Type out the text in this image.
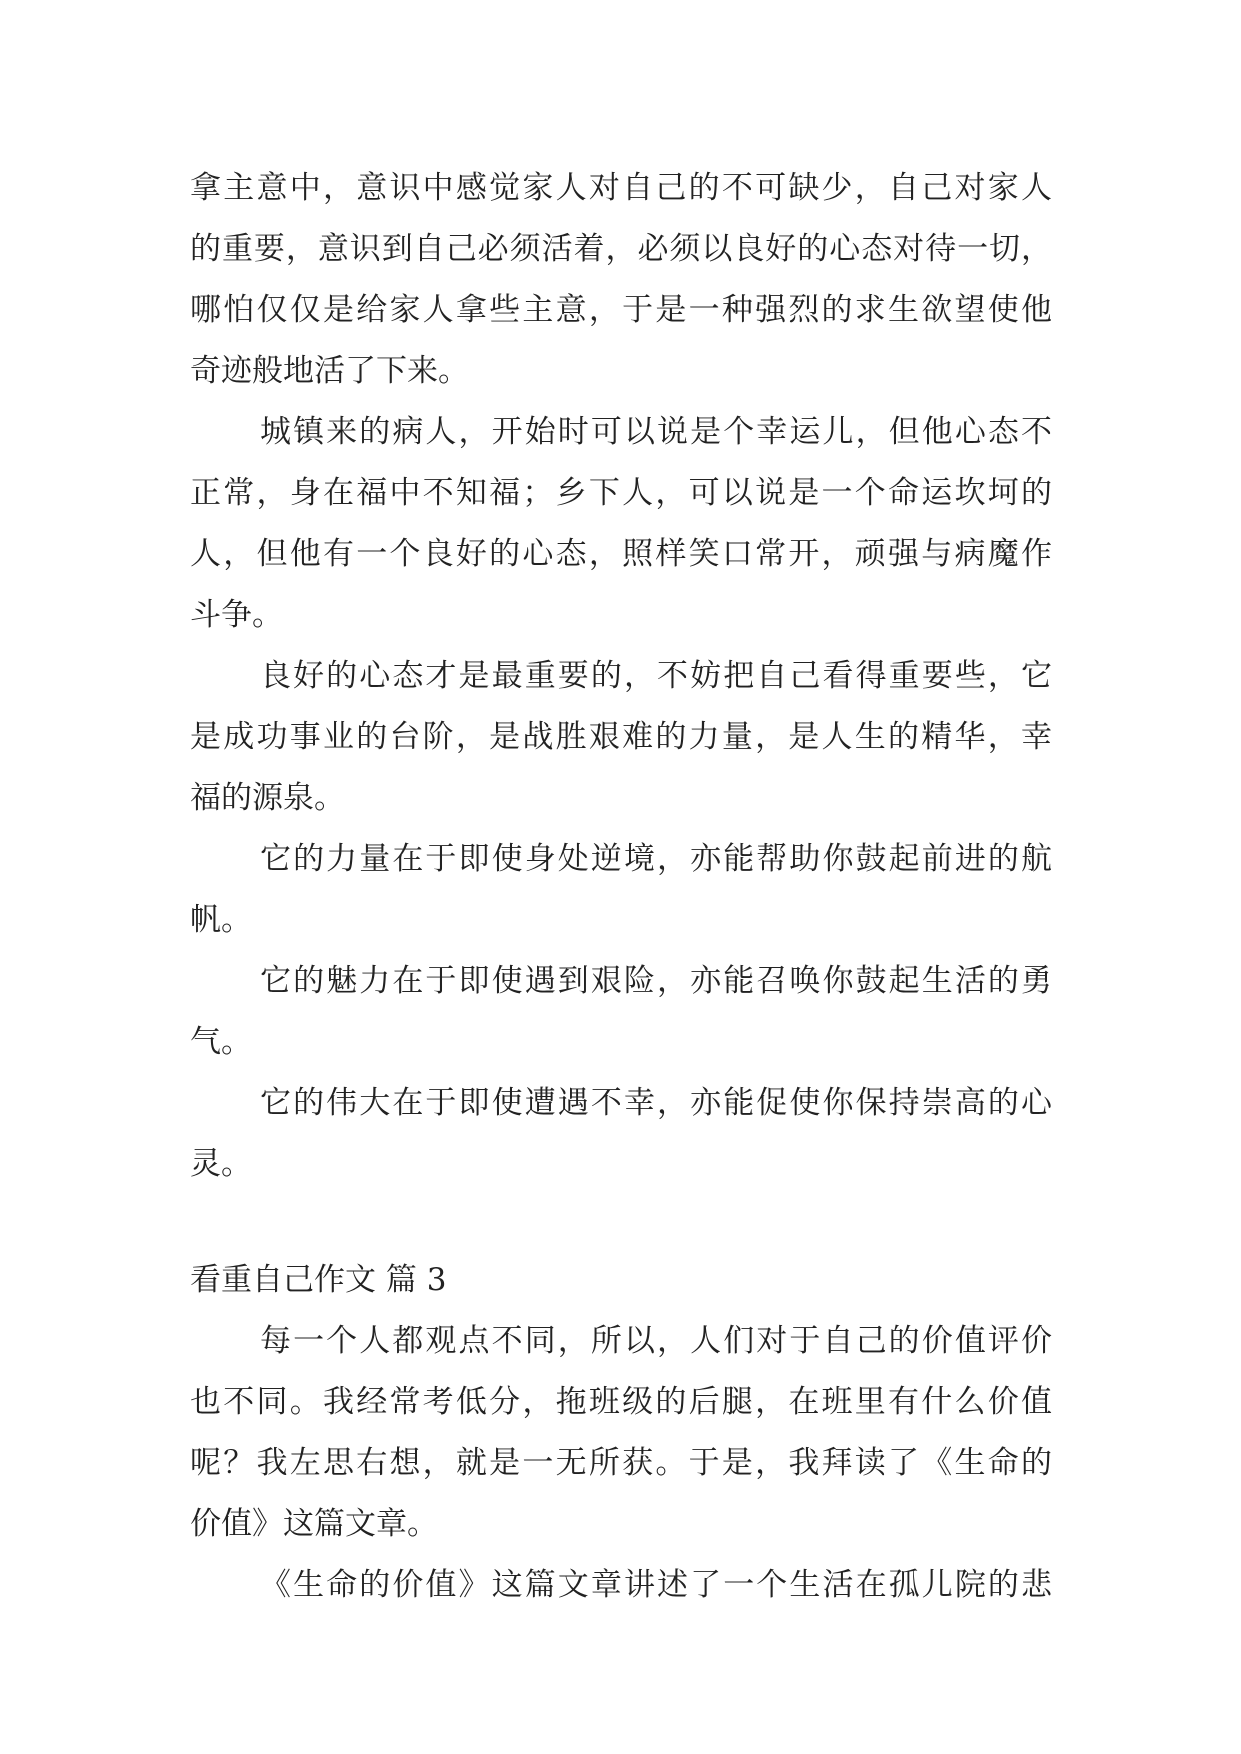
拿主意中，意识中感觉家人对自己的不可缺少，自己对家人
的重要，意识到自己必须活着，必须以良好的心态对待一切，
哪怕仅仅是给家人拿些主意，于是一种强烈的求生欲望使他
奇迹般地活了下来。
城镇来的病人，开始时可以说是个幸运儿，但他心态不
正常，身在福中不知福；乡下人，可以说是一个命运坎坷的
人，但他有一个良好的心态，照样笑口常开，顽强与病魔作
斗争。
良好的心态才是最重要的，不妨把自己看得重要些，它
是成功事业的台阶，是战胜艰难的力量，是人生的精华，幸
福的源泉。
它的力量在于即使身处逆境，亦能帮助你鼓起前进的航
帆。
它的魅力在于即使遇到艰险，亦能召唤你鼓起生活的勇
气。
它的伟大在于即使遭遇不幸，亦能促使你保持崇高的心
灵。
看重自己作文 篇 3
每一个人都观点不同，所以，人们对于自己的价值评价
也不同。我经常考低分，拖班级的后腿，在班里有什么价值
呢？我左思右想，就是一无所获。于是，我拜读了《生命的
价值》这篇文章。
《生命的价值》这篇文章讲述了一个生活在孤儿院的悲
